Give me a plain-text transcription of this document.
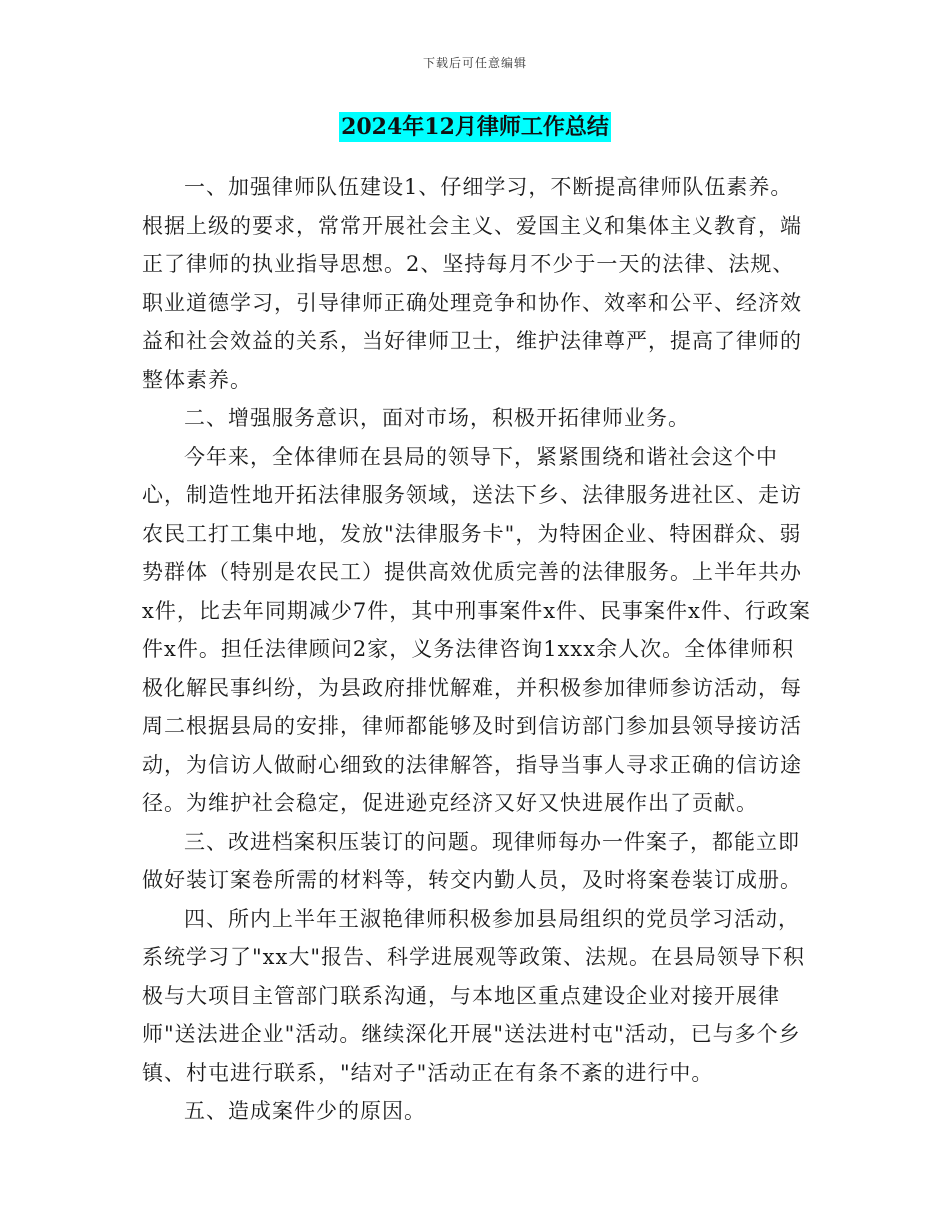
下载后可任意编辑
2024年12月律师工作总结

一、加强律师队伍建设1、仔细学习，不断提高律师队伍素养。根据上级的要求，常常开展社会主义、爱国主义和集体主义教育，端正了律师的执业指导思想。2、坚持每月不少于一天的法律、法规、职业道德学习，引导律师正确处理竞争和协作、效率和公平、经济效益和社会效益的关系，当好律师卫士，维护法律尊严，提高了律师的整体素养。

二、增强服务意识，面对市场，积极开拓律师业务。

今年来，全体律师在县局的领导下，紧紧围绕和谐社会这个中心，制造性地开拓法律服务领域，送法下乡、法律服务进社区、走访农民工打工集中地，发放"法律服务卡"，为特困企业、特困群众、弱势群体（特别是农民工）提供高效优质完善的法律服务。上半年共办x件，比去年同期减少7件，其中刑事案件x件、民事案件x件、行政案件x件。担任法律顾问2家，义务法律咨询1xxx余人次。全体律师积极化解民事纠纷，为县政府排忧解难，并积极参加律师参访活动，每周二根据县局的安排，律师都能够及时到信访部门参加县领导接访活动，为信访人做耐心细致的法律解答，指导当事人寻求正确的信访途径。为维护社会稳定，促进逊克经济又好又快进展作出了贡献。

三、改进档案积压装订的问题。现律师每办一件案子，都能立即做好装订案卷所需的材料等，转交内勤人员，及时将案卷装订成册。

四、所内上半年王淑艳律师积极参加县局组织的党员学习活动，系统学习了"xx大"报告、科学进展观等政策、法规。在县局领导下积极与大项目主管部门联系沟通，与本地区重点建设企业对接开展律师"送法进企业"活动。继续深化开展"送法进村屯"活动，已与多个乡镇、村屯进行联系，"结对子"活动正在有条不紊的进行中。

五、造成案件少的原因。
